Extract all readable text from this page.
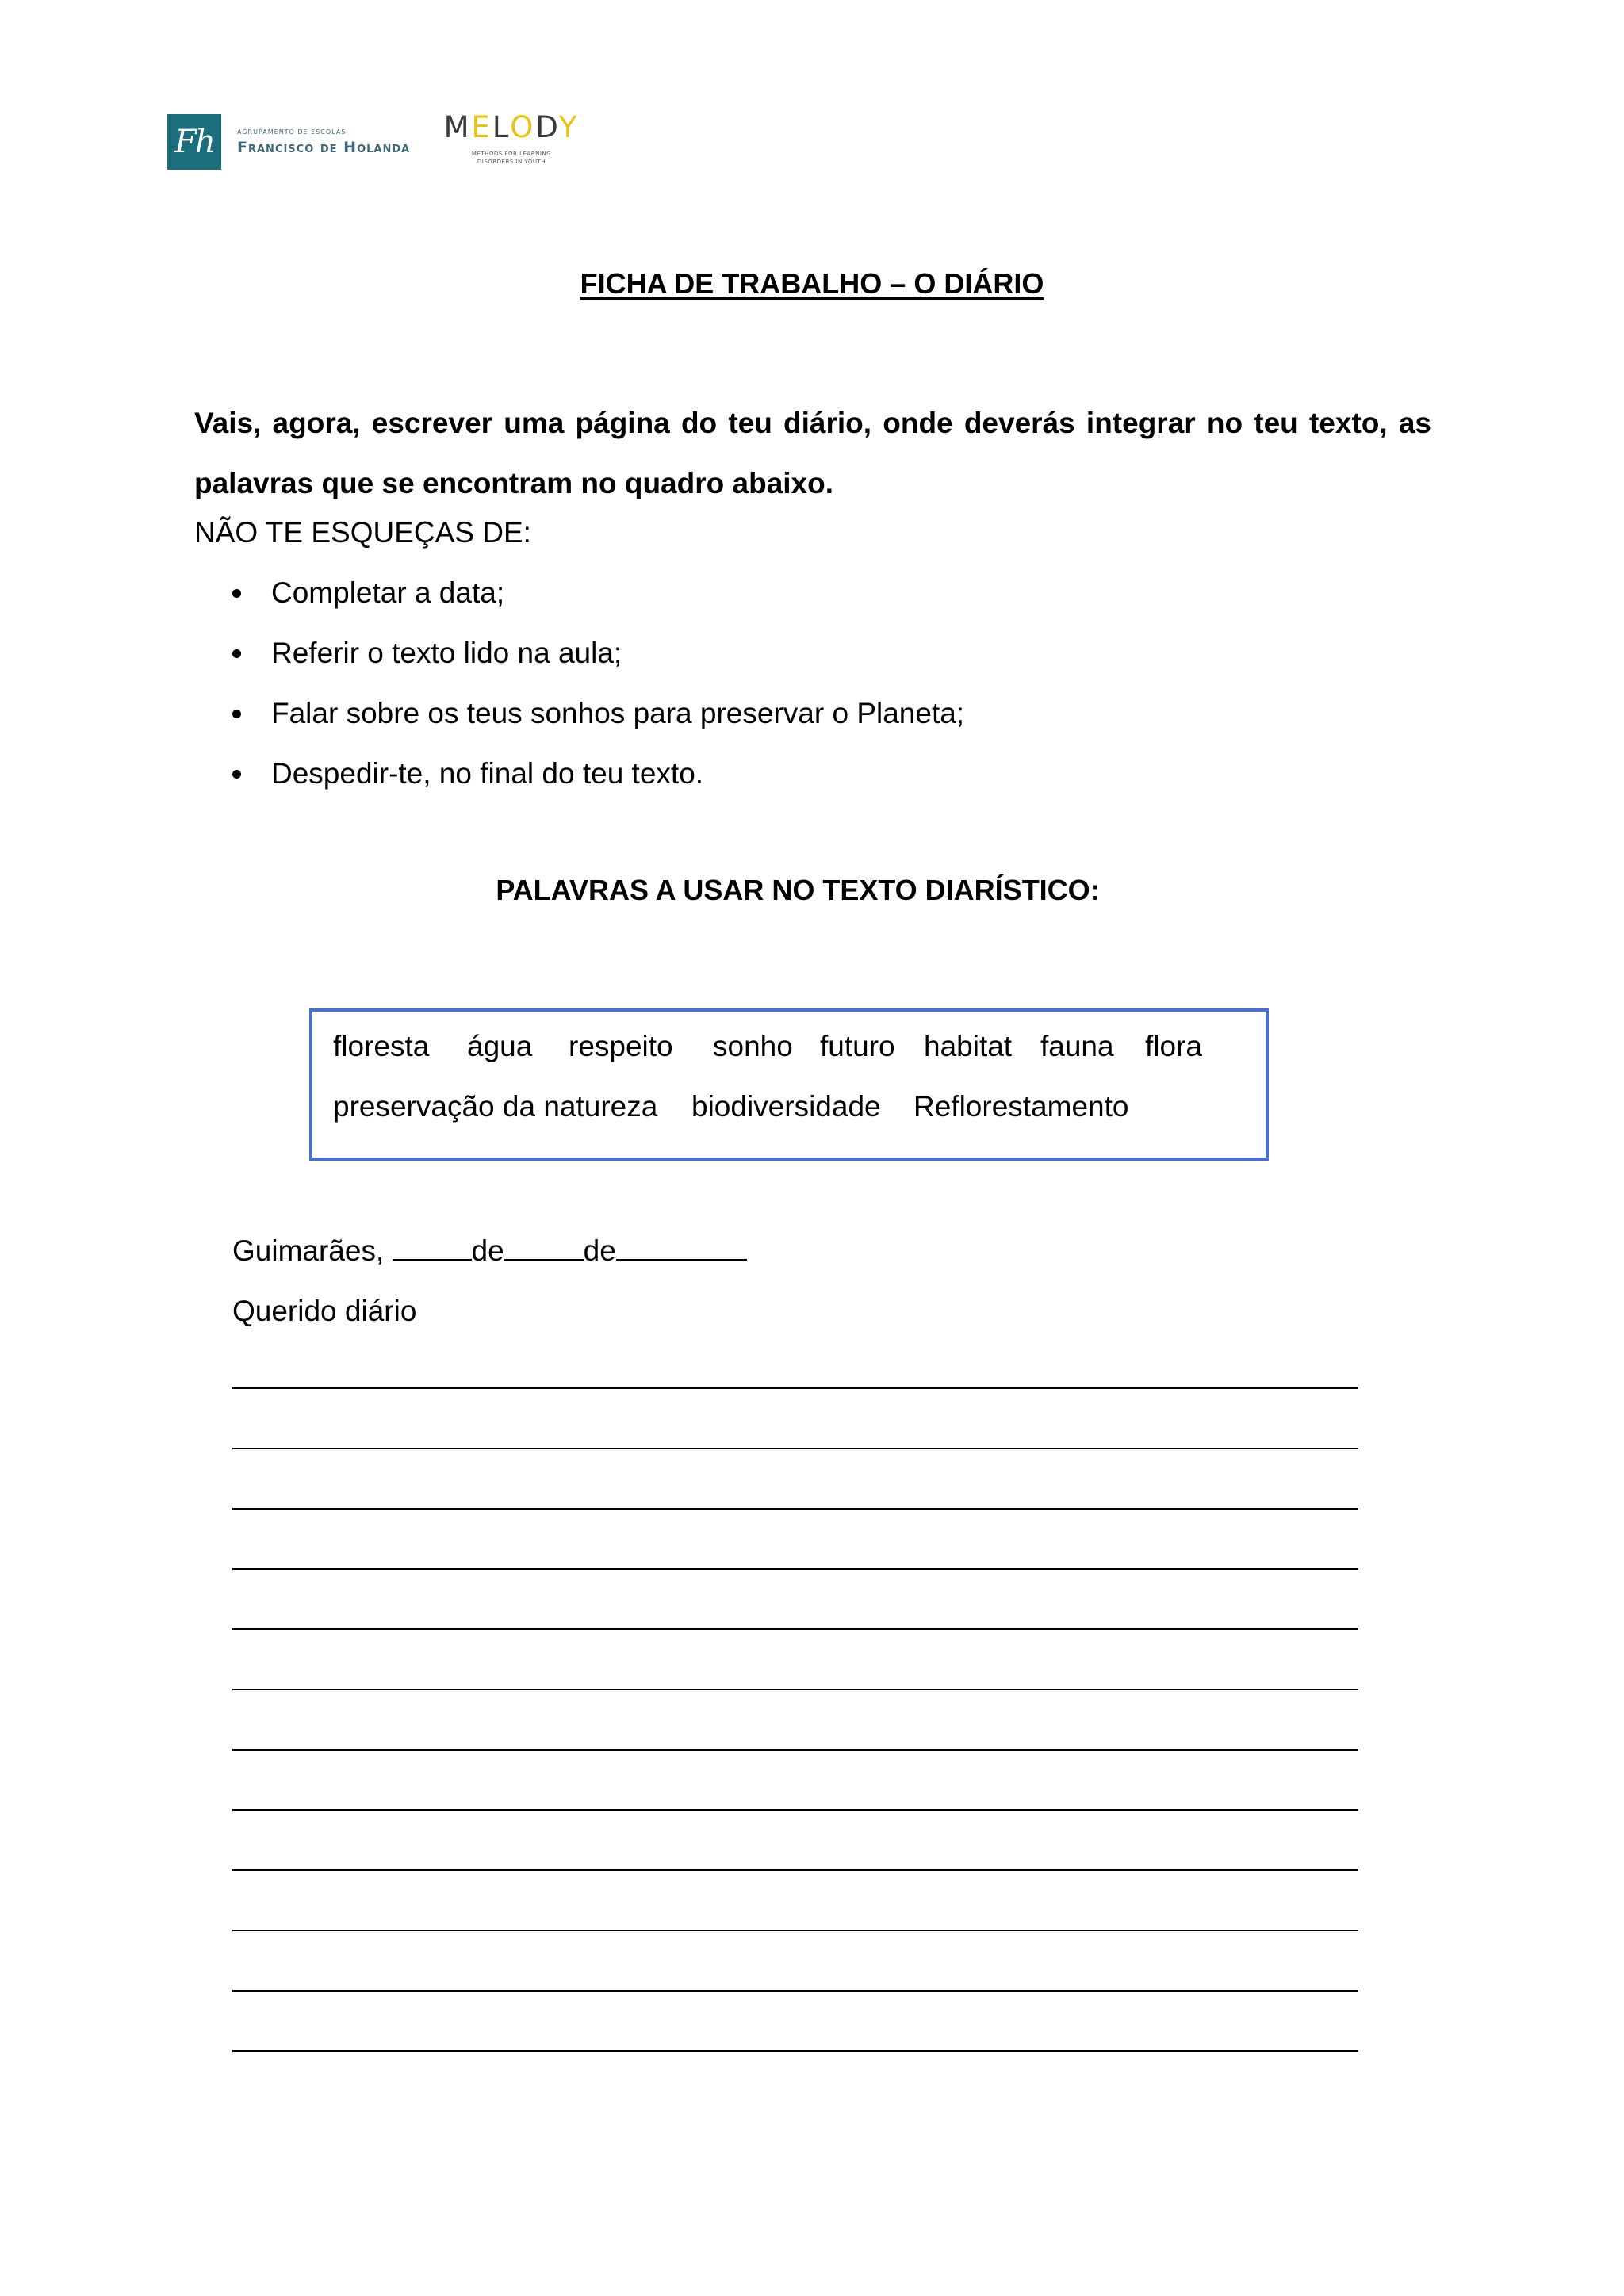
Fh	AGRUPAMENTO DE ESCOLAS
Francisco de Holanda
MELODY
METHODS FOR LEARNING
DISORDERS IN YOUTH
FICHA DE TRABALHO – O DIÁRIO
Vais, agora, escrever uma página do teu diário, onde deverás integrar no teu texto, as palavras que se encontram no quadro abaixo.
NÃO TE ESQUEÇAS DE:
Completar a data;
Referir o texto lido na aula;
Falar sobre os teus sonhos para preservar o Planeta;
Despedir-te, no final do teu texto.
PALAVRAS A USAR NO TEXTO DIARÍSTICO:
floresta água respeito sonho futuro habitat fauna flora
preservação da natureza biodiversidade Reflorestamento
Guimarães,	de	de
Querido diário
